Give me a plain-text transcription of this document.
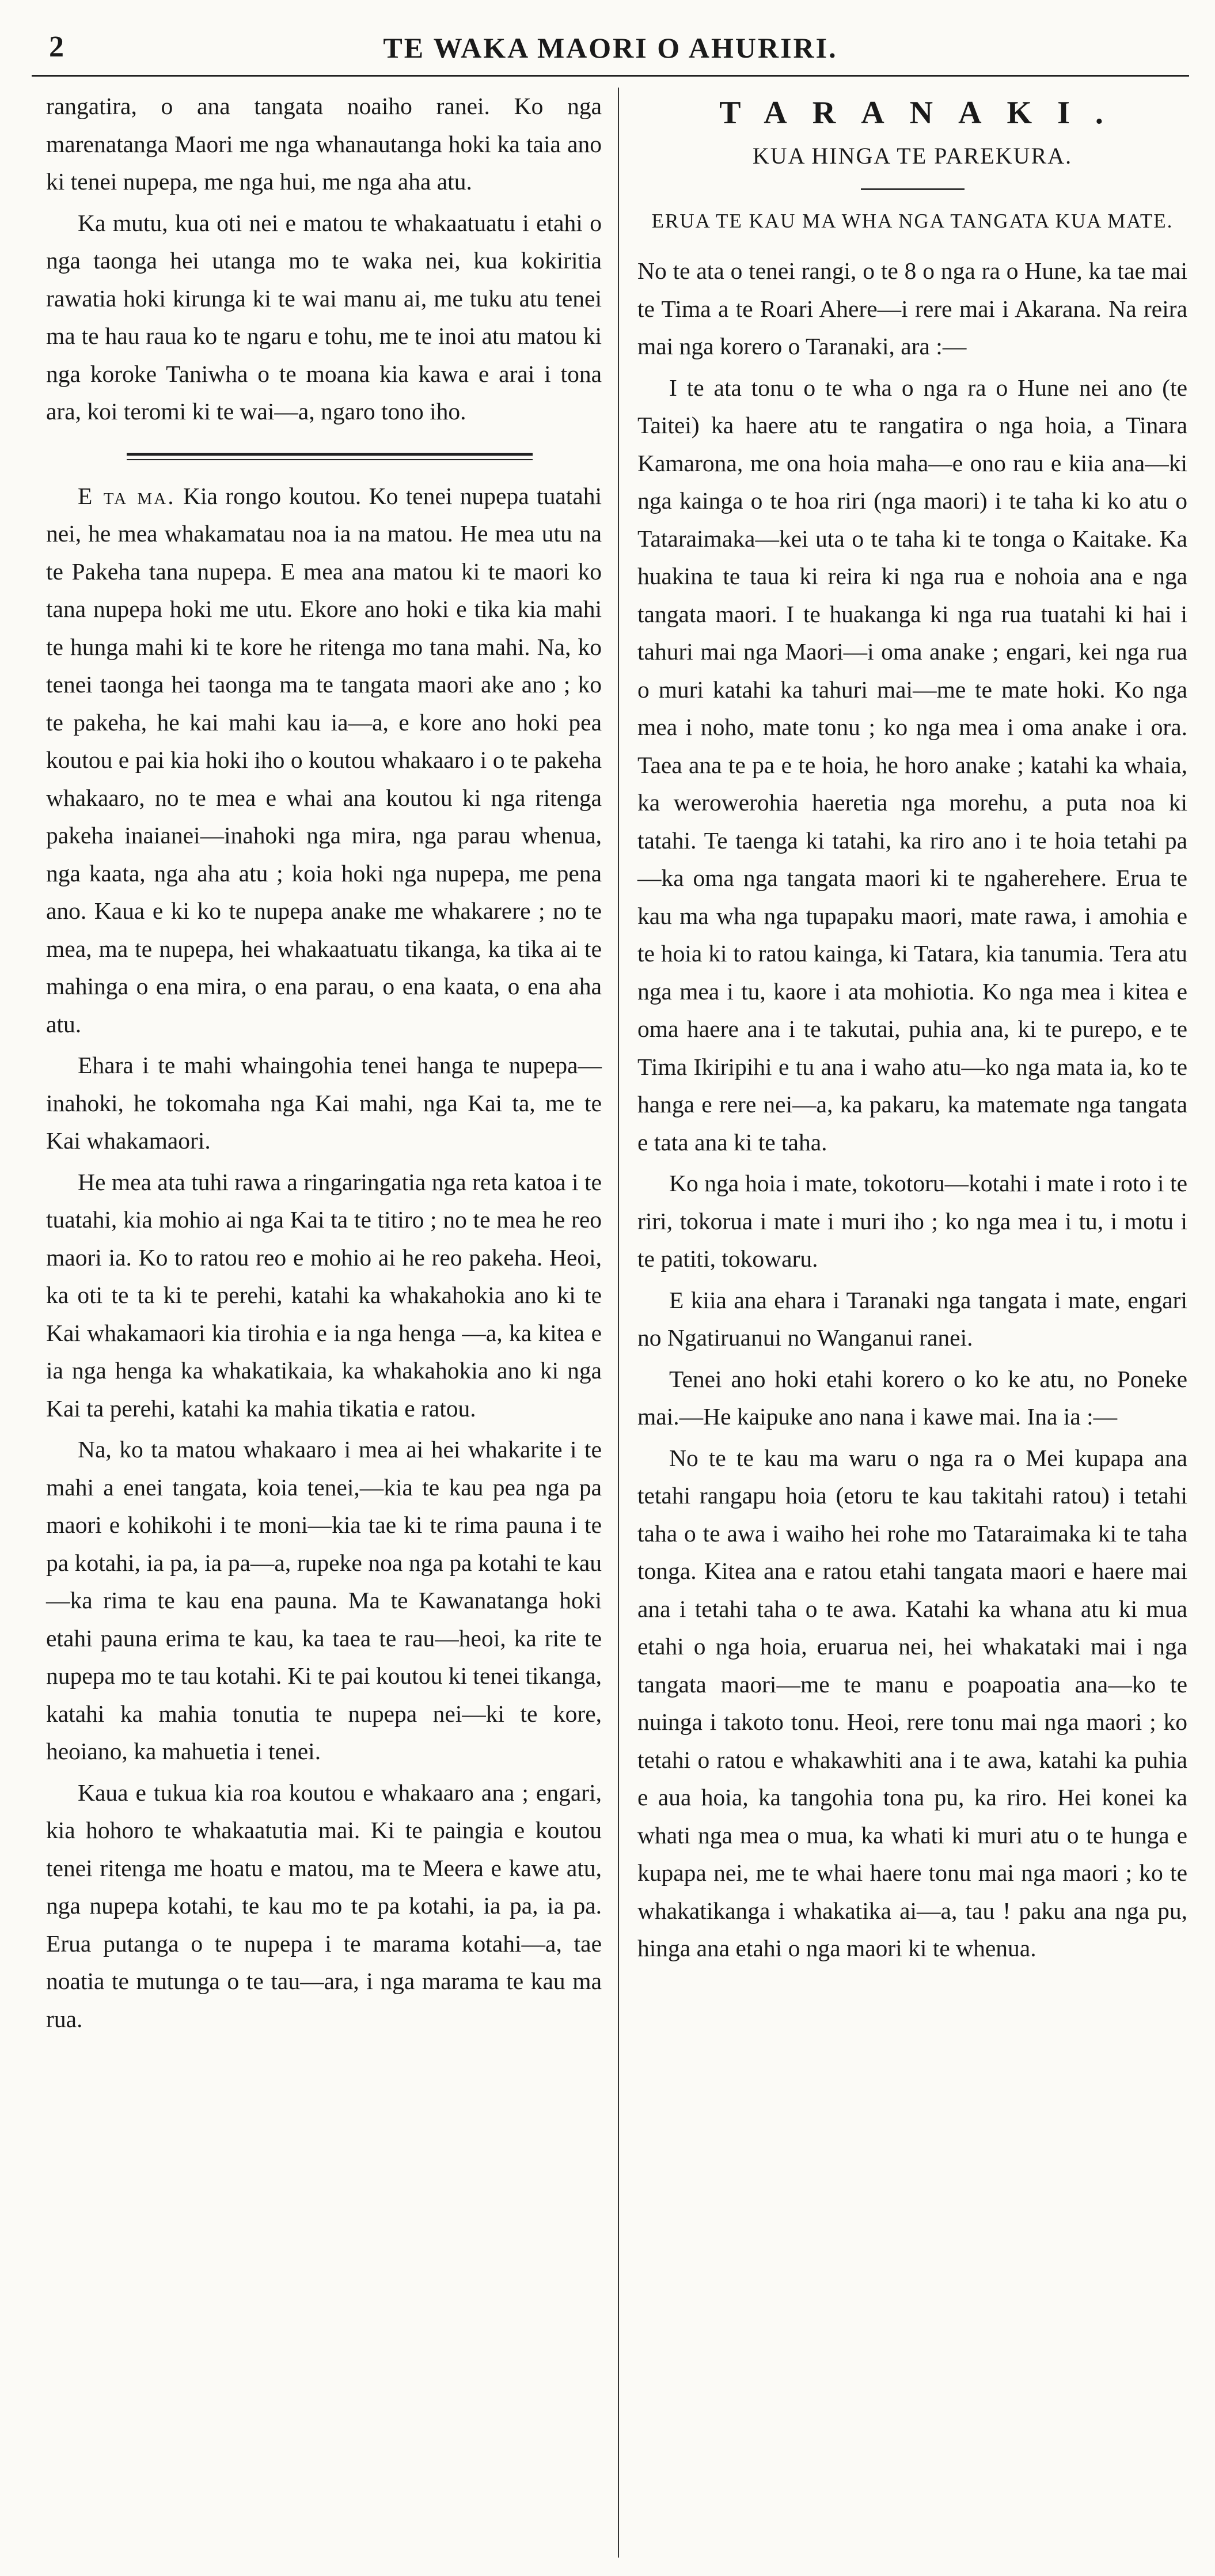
2	TE WAKA MAORI O AHURIRI.

rangatira, o ana tangata noaiho ranei. Ko nga marenatanga Maori me nga whanautanga hoki ka taia ano ki tenei nupepa, me nga hui, me nga aha atu.

Ka mutu, kua oti nei e matou te whakaatuatu i etahi o nga taonga hei utanga mo te waka nei, kua kokiritia rawatia hoki kirunga ki te wai manu ai, me tuku atu tenei ma te hau raua ko te ngaru e tohu, me te inoi atu matou ki nga koroke Taniwha o te moana kia kawa e arai i tona ara, koi teromi ki te wai—a, ngaro tono iho.

E ta ma. Kia rongo koutou. Ko tenei nupepa tuatahi nei, he mea whakamatau noa ia na matou. He mea utu na te Pakeha tana nupepa. E mea ana matou ki te maori ko tana nupepa hoki me utu. Ekore ano hoki e tika kia mahi te hunga mahi ki te kore he ritenga mo tana mahi. Na, ko tenei taonga hei taonga ma te tangata maori ake ano ; ko te pakeha, he kai mahi kau ia—a, e kore ano hoki pea koutou e pai kia hoki iho o koutou whakaaro i o te pakeha whakaaro, no te mea e whai ana koutou ki nga ritenga pakeha inaianei—inahoki nga mira, nga parau whenua, nga kaata, nga aha atu ; koia hoki nga nupepa, me pena ano. Kaua e ki ko te nupepa anake me whakarere ; no te mea, ma te nupepa, hei whakaatuatu tikanga, ka tika ai te mahinga o ena mira, o ena parau, o ena kaata, o ena aha atu.

Ehara i te mahi whaingohia tenei hanga te nupepa—inahoki, he tokomaha nga Kai mahi, nga Kai ta, me te Kai whakamaori.

He mea ata tuhi rawa a ringaringatia nga reta katoa i te tuatahi, kia mohio ai nga Kai ta te titiro ; no te mea he reo maori ia. Ko to ratou reo e mohio ai he reo pakeha. Heoi, ka oti te ta ki te perehi, katahi ka whakahokia ano ki te Kai whakamaori kia tirohia e ia nga henga —a, ka kitea e ia nga henga ka whakatikaia, ka whakahokia ano ki nga Kai ta perehi, katahi ka mahia tikatia e ratou.

Na, ko ta matou whakaaro i mea ai hei whakarite i te mahi a enei tangata, koia tenei,—kia te kau pea nga pa maori e kohikohi i te moni—kia tae ki te rima pauna i te pa kotahi, ia pa, ia pa—a, rupeke noa nga pa kotahi te kau—ka rima te kau ena pauna. Ma te Kawanatanga hoki etahi pauna erima te kau, ka taea te rau—heoi, ka rite te nupepa mo te tau kotahi. Ki te pai koutou ki tenei tikanga, katahi ka mahia tonutia te nupepa nei—ki te kore, heoiano, ka mahuetia i tenei.

Kaua e tukua kia roa koutou e whakaaro ana ; engari, kia hohoro te whakaatutia mai. Ki te paingia e koutou tenei ritenga me hoatu e matou, ma te Meera e kawe atu, nga nupepa kotahi, te kau mo te pa kotahi, ia pa, ia pa. Erua putanga o te nupepa i te marama kotahi—a, tae noatia te mutunga o te tau—ara, i nga marama te kau ma rua.

TARANAKI.
KUA HINGA TE PAREKURA.
ERUA TE KAU MA WHA NGA TANGATA KUA MATE.

No te ata o tenei rangi, o te 8 o nga ra o Hune, ka tae mai te Tima a te Roari Ahere—i rere mai i Akarana. Na reira mai nga korero o Taranaki, ara :—

I te ata tonu o te wha o nga ra o Hune nei ano (te Taitei) ka haere atu te rangatira o nga hoia, a Tinara Kamarona, me ona hoia maha—e ono rau e kiia ana—ki nga kainga o te hoa riri (nga maori) i te taha ki ko atu o Tataraimaka—kei uta o te taha ki te tonga o Kaitake. Ka huakina te taua ki reira ki nga rua e nohoia ana e nga tangata maori. I te huakanga ki nga rua tuatahi ki hai i tahuri mai nga Maori—i oma anake ; engari, kei nga rua o muri katahi ka tahuri mai—me te mate hoki. Ko nga mea i noho, mate tonu ; ko nga mea i oma anake i ora. Taea ana te pa e te hoia, he horo anake ; katahi ka whaia, ka werowerohia haeretia nga morehu, a puta noa ki tatahi. Te taenga ki tatahi, ka riro ano i te hoia tetahi pa—ka oma nga tangata maori ki te ngaherehere. Erua te kau ma wha nga tupapaku maori, mate rawa, i amohia e te hoia ki to ratou kainga, ki Tatara, kia tanumia. Tera atu nga mea i tu, kaore i ata mohiotia. Ko nga mea i kitea e oma haere ana i te takutai, puhia ana, ki te purepo, e te Tima Ikiripihi e tu ana i waho atu—ko nga mata ia, ko te hanga e rere nei—a, ka pakaru, ka matemate nga tangata e tata ana ki te taha.

Ko nga hoia i mate, tokotoru—kotahi i mate i roto i te riri, tokorua i mate i muri iho ; ko nga mea i tu, i motu i te patiti, tokowaru.

E kiia ana ehara i Taranaki nga tangata i mate, engari no Ngatiruanui no Wanganui ranei.

Tenei ano hoki etahi korero o ko ke atu, no Poneke mai.—He kaipuke ano nana i kawe mai. Ina ia :—

No te te kau ma waru o nga ra o Mei kupapa ana tetahi rangapu hoia (etoru te kau takitahi ratou) i tetahi taha o te awa i waiho hei rohe mo Tataraimaka ki te taha tonga. Kitea ana e ratou etahi tangata maori e haere mai ana i tetahi taha o te awa. Katahi ka whana atu ki mua etahi o nga hoia, eruarua nei, hei whakataki mai i nga tangata maori—me te manu e poapoatia ana—ko te nuinga i takoto tonu. Heoi, rere tonu mai nga maori ; ko tetahi o ratou e whakawhiti ana i te awa, katahi ka puhia e aua hoia, ka tangohia tona pu, ka riro. Hei konei ka whati nga mea o mua, ka whati ki muri atu o te hunga e kupapa nei, me te whai haere tonu mai nga maori ; ko te whakatikanga i whakatika ai—a, tau ! paku ana nga pu, hinga ana etahi o nga maori ki te whenua.
